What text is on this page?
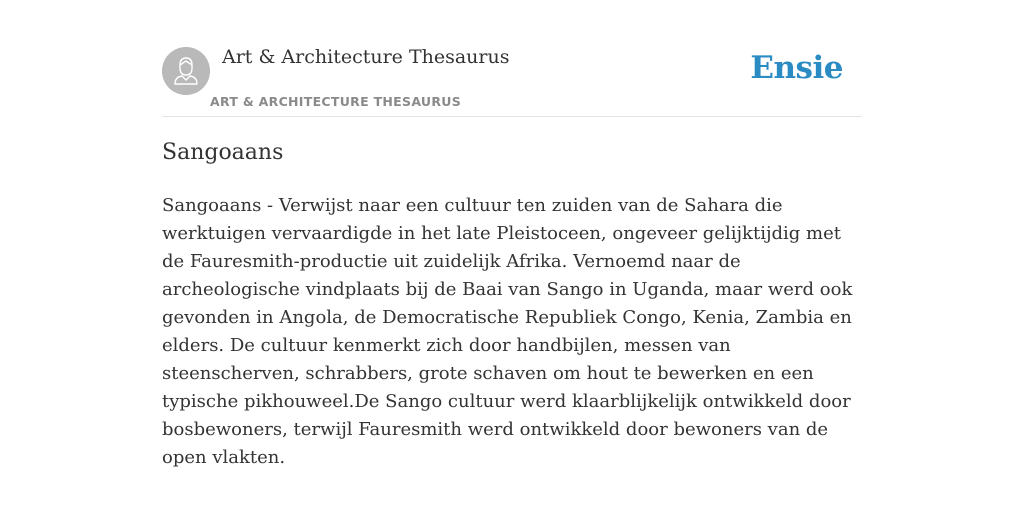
Art & Architecture Thesaurus
ART & ARCHITECTURE THESAURUS
Ensie
Sangoaans

Sangoaans - Verwijst naar een cultuur ten zuiden van de Sahara die werktuigen vervaardigde in het late Pleistoceen, ongeveer gelijktijdig met de Fauresmith-productie uit zuidelijk Afrika. Vernoemd naar de archeologische vindplaats bij de Baai van Sango in Uganda, maar werd ook gevonden in Angola, de Democratische Republiek Congo, Kenia, Zambia en elders. De cultuur kenmerkt zich door handbijlen, messen van steenscherven, schrabbers, grote schaven om hout te bewerken en een typische pikhouweel.De Sango cultuur werd klaarblijkelijk ontwikkeld door bosbewoners, terwijl Fauresmith werd ontwikkeld door bewoners van de open vlakten.
